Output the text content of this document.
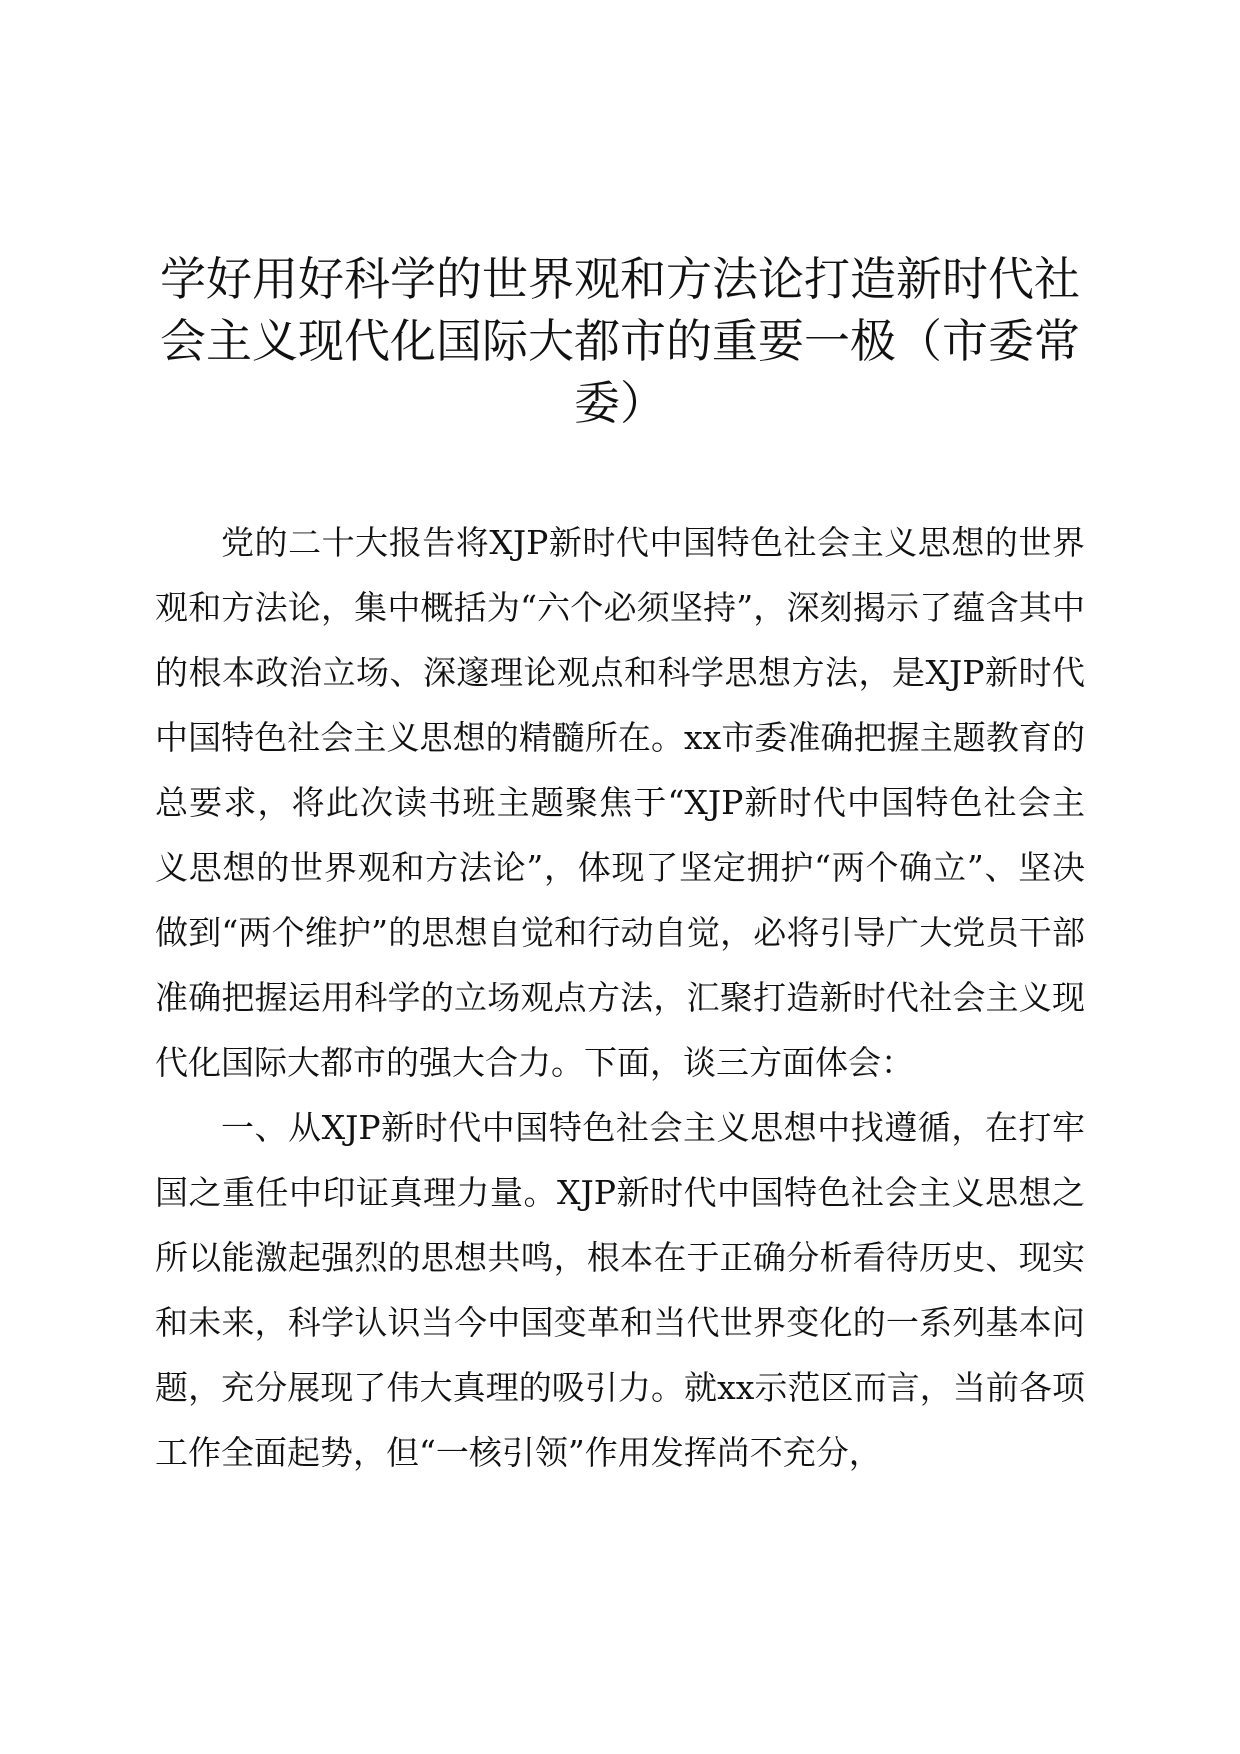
学好用好科学的世界观和方法论打造新时代社会主义现代化国际大都市的重要一极（市委常委）

党的二十大报告将XJP新时代中国特色社会主义思想的世界观和方法论，集中概括为“六个必须坚持”，深刻揭示了蕴含其中的根本政治立场、深邃理论观点和科学思想方法，是XJP新时代中国特色社会主义思想的精髓所在。xx市委准确把握主题教育的总要求，将此次读书班主题聚焦于“XJP新时代中国特色社会主义思想的世界观和方法论”，体现了坚定拥护“两个确立”、坚决做到“两个维护”的思想自觉和行动自觉，必将引导广大党员干部准确把握运用科学的立场观点方法，汇聚打造新时代社会主义现代化国际大都市的强大合力。下面，谈三方面体会：

一、从XJP新时代中国特色社会主义思想中找遵循，在打牢国之重任中印证真理力量。XJP新时代中国特色社会主义思想之所以能激起强烈的思想共鸣，根本在于正确分析看待历史、现实和未来，科学认识当今中国变革和当代世界变化的一系列基本问题，充分展现了伟大真理的吸引力。就xx示范区而言，当前各项工作全面起势，但“一核引领”作用发挥尚不充分，
